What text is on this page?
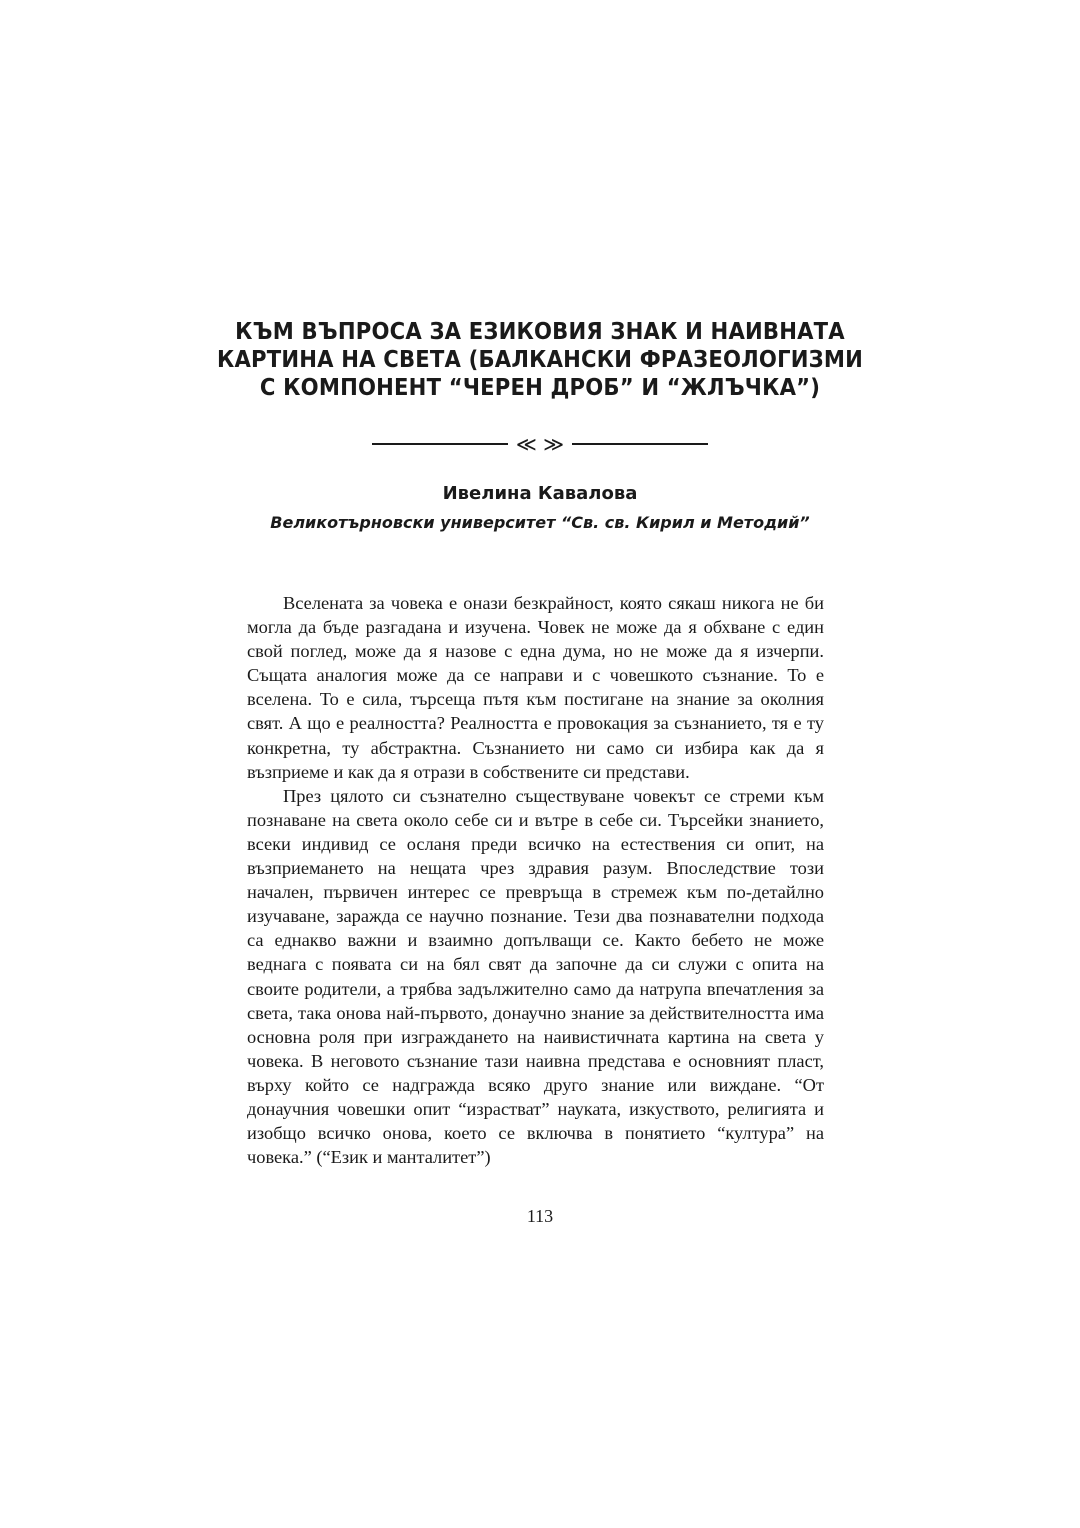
КЪМ ВЪПРОСА ЗА ЕЗИКОВИЯ ЗНАК И НАИВНАТА
КАРТИНА НА СВЕТА (БАЛКАНСКИ ФРАЗЕОЛОГИЗМИ
С КОМПОНЕНТ “ЧЕРЕН ДРОБ” И “ЖЛЪЧКА”)
≪ ≫
Ивелина Кавалова
Великотърновски университет “Св. св. Кирил и Методий”

Вселената за човека е онази безкрайност, която сякаш никога не би могла да бъде разгадана и изучена. Човек не може да я обхване с един свой поглед, може да я назове с една дума, но не може да я изчерпи. Същата аналогия може да се направи и с човешкото съзнание. То е вселена. То е сила, търсеща пътя към постигане на знание за околния свят. А що е реалността? Реалността е провокация за съзнанието, тя е ту конкретна, ту абстрактна. Съзнанието ни само си избира как да я възприеме и как да я отрази в собствените си представи.

През цялото си съзнателно съществуване човекът се стреми към познаване на света около себе си и вътре в себе си. Търсейки знанието, всеки индивид се осланя преди всичко на естествения си опит, на възприемането на нещата чрез здравия разум. Впоследствие този начален, първичен интерес се превръща в стремеж към по-детайлно изучаване, заражда се научно познание. Тези два познавателни подхода са еднакво важни и взаимно допълващи се. Както бебето не може веднага с появата си на бял свят да започне да си служи с опита на своите родители, а трябва задължително само да натрупа впечатления за света, така онова най-първото, донаучно знание за действителността има основна роля при изграждането на наивистичната картина на света у човека. В неговото съзнание тази наивна представа е основният пласт, върху който се надгражда всяко друго знание или виждане. “От донаучния човешки опит “израстват” науката, изкуството, религията и изобщо всичко онова, което се включва в понятието “култура” на човека.” (“Език и манталитет”)

113
